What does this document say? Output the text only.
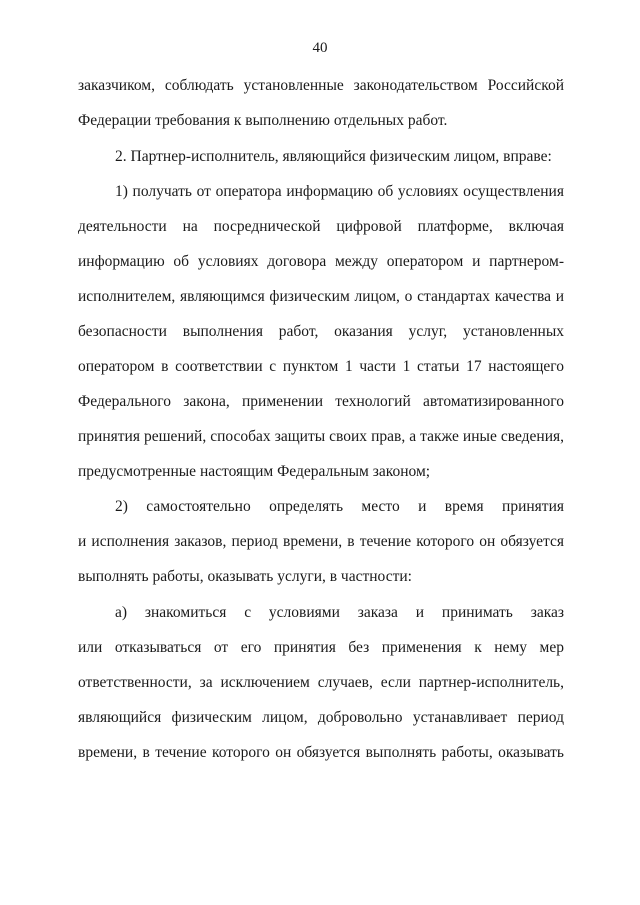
40
заказчиком, соблюдать установленные законодательством Российской
Федерации требования к выполнению отдельных работ.
2. Партнер-исполнитель, являющийся физическим лицом, вправе:
1) получать от оператора информацию об условиях осуществления
деятельности на посреднической цифровой платформе, включая
информацию об условиях договора между оператором и партнером-
исполнителем, являющимся физическим лицом, о стандартах качества и
безопасности выполнения работ, оказания услуг, установленных
оператором в соответствии с пунктом 1 части 1 статьи 17 настоящего
Федерального закона, применении технологий автоматизированного
принятия решений, способах защиты своих прав, а также иные сведения,
предусмотренные настоящим Федеральным законом;
2) самостоятельно определять место и время принятия
и исполнения заказов, период времени, в течение которого он обязуется
выполнять работы, оказывать услуги, в частности:
а) знакомиться с условиями заказа и принимать заказ
или отказываться от его принятия без применения к нему мер
ответственности, за исключением случаев, если партнер-исполнитель,
являющийся физическим лицом, добровольно устанавливает период
времени, в течение которого он обязуется выполнять работы, оказывать
